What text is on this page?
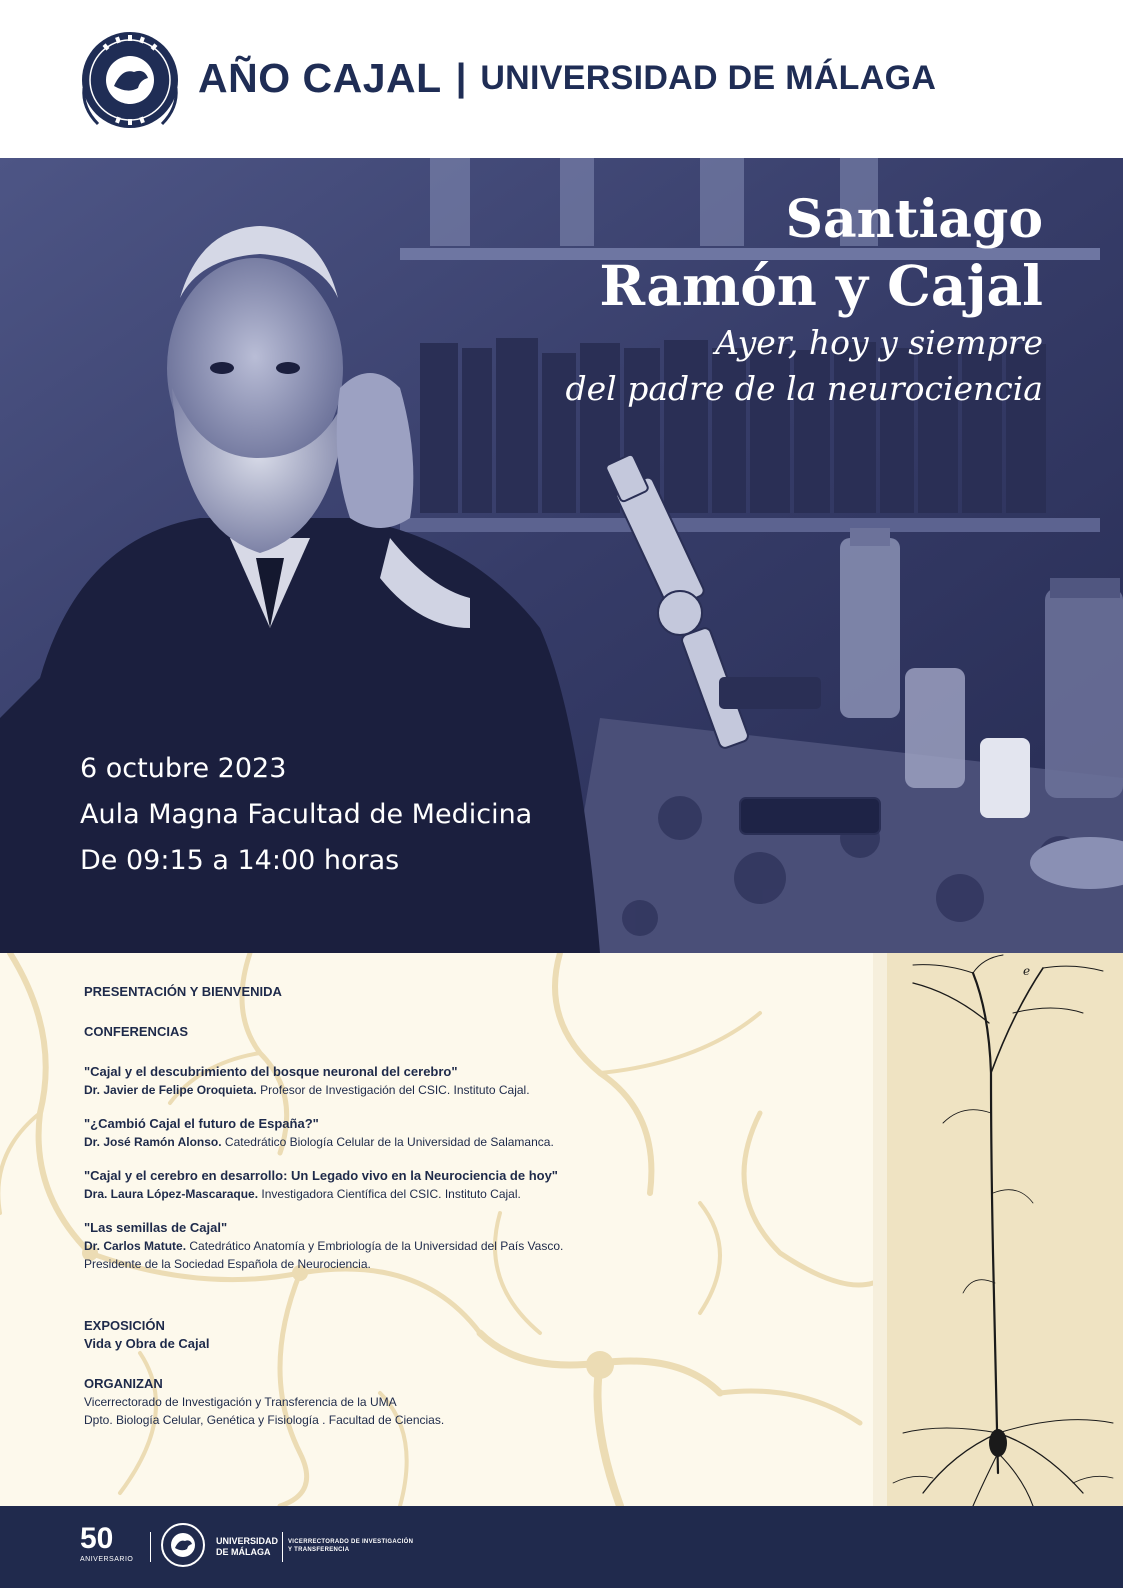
AÑO CAJAL | UNIVERSIDAD DE MÁLAGA
Santiago
Ramón y Cajal
Ayer, hoy y siempre
del padre de la neurociencia
6 octubre 2023
Aula Magna Facultad de Medicina
De 09:15 a 14:00 horas
PRESENTACIÓN Y BIENVENIDA
CONFERENCIAS
"Cajal y el descubrimiento del bosque neuronal del cerebro"
Dr. Javier de Felipe Oroquieta. Profesor de Investigación del CSIC. Instituto Cajal.
"¿Cambió Cajal el futuro de España?"
Dr. José Ramón Alonso. Catedrático Biología Celular de la Universidad de Salamanca.
"Cajal y el cerebro en desarrollo: Un Legado vivo en la Neurociencia de hoy"
Dra. Laura López-Mascaraque. Investigadora Científica del CSIC. Instituto Cajal.
"Las semillas de Cajal"
Dr. Carlos Matute. Catedrático Anatomía y Embriología de la Universidad del País Vasco.
Presidente de la Sociedad Española de Neurociencia.
EXPOSICIÓN
Vida y Obra de Cajal
ORGANIZAN
Vicerrectorado de Investigación y Transferencia de la UMA
Dpto. Biología Celular, Genética y Fisiología . Facultad de Ciencias.
e
50
ANIVERSARIO
UNIVERSIDAD
DE MÁLAGA
VICERRECTORADO DE INVESTIGACIÓN
Y TRANSFERENCIA
